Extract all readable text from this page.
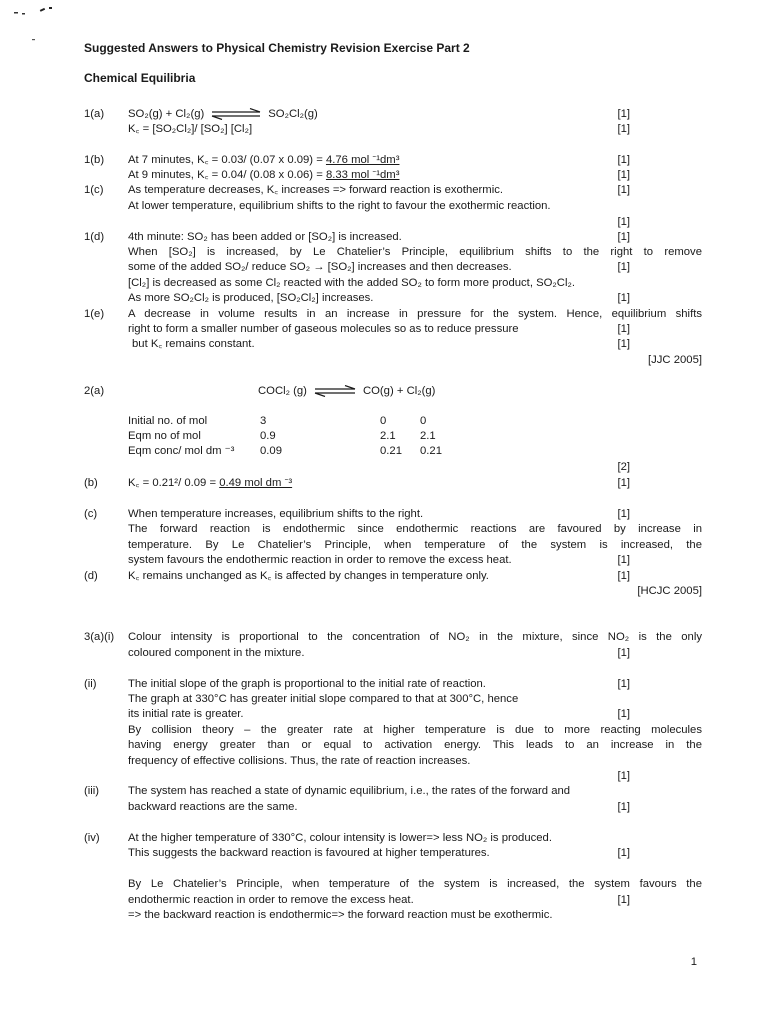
Suggested Answers to Physical Chemistry Revision Exercise Part 2
Chemical Equilibria
1(a) SO₂(g) + Cl₂(g)	SO₂Cl₂(g)	[1]
K꜀ = [SO₂Cl₂]/ [SO₂] [Cl₂]	[1]
1(b) At 7 minutes, K꜀ = 0.03/ (0.07 x 0.09) = 4.76 mol ⁻¹dm³	[1]
At 9 minutes, K꜀ = 0.04/ (0.08 x 0.06) = 8.33 mol ⁻¹dm³	[1]
1(c) As temperature decreases, K꜀ increases => forward reaction is exothermic.	[1]
At lower temperature, equilibrium shifts to the right to favour the exothermic reaction.
[1]
1(d) 4th minute: SO₂ has been added or [SO₂] is increased.	[1]
When [SO₂] is increased, by Le Chatelier’s Principle, equilibrium shifts to the right to remove
some of the added SO₂/ reduce SO₂ → [SO₂] increases and then decreases.	[1]
[Cl₂] is decreased as some Cl₂ reacted with the added SO₂ to form more product, SO₂Cl₂.
As more SO₂Cl₂ is produced, [SO₂Cl₂] increases.	[1]
1(e) A decrease in volume results in an increase in pressure for the system. Hence, equilibrium shifts
right to form a smaller number of gaseous molecules so as to reduce pressure	[1]
but K꜀ remains constant.	[1]
[JJC 2005]
2(a)	COCl₂ (g) ⇌ CO(g) + Cl₂(g)
Initial no. of mol	3	0	0
Eqm no of mol	0.9	2.1	2.1
Eqm conc/ mol dm ⁻³	0.09	0.21	0.21
[2]
(b)	K꜀ = 0.21²/ 0.09 = 0.49 mol dm ⁻³	[1]
(c)	When temperature increases, equilibrium shifts to the right.	[1]
The forward reaction is endothermic since endothermic reactions are favoured by increase in
temperature. By Le Chatelier’s Principle, when temperature of the system is increased, the
system favours the endothermic reaction in order to remove the excess heat.	[1]
(d)	K꜀ remains unchanged as K꜀ is affected by changes in temperature only.	[1]
[HCJC 2005]
3(a)(i) Colour intensity is proportional to the concentration of NO₂ in the mixture, since NO₂ is the only
coloured component in the mixture.	[1]
(ii)	The initial slope of the graph is proportional to the initial rate of reaction.	[1]
The graph at 330°C has greater initial slope compared to that at 300°C, hence
its initial rate is greater.	[1]
By collision theory – the greater rate at higher temperature is due to more reacting molecules
having energy greater than or equal to activation energy. This leads to an increase in the
frequency of effective collisions. Thus, the rate of reaction increases.
[1]
(iii)	The system has reached a state of dynamic equilibrium, i.e., the rates of the forward and
backward reactions are the same.	[1]
(iv)	At the higher temperature of 330°C, colour intensity is lower=> less NO₂ is produced.
This suggests the backward reaction is favoured at higher temperatures.	[1]
By Le Chatelier’s Principle, when temperature of the system is increased, the system favours the
endothermic reaction in order to remove the excess heat.	[1]
=> the backward reaction is endothermic=> the forward reaction must be exothermic.
1
